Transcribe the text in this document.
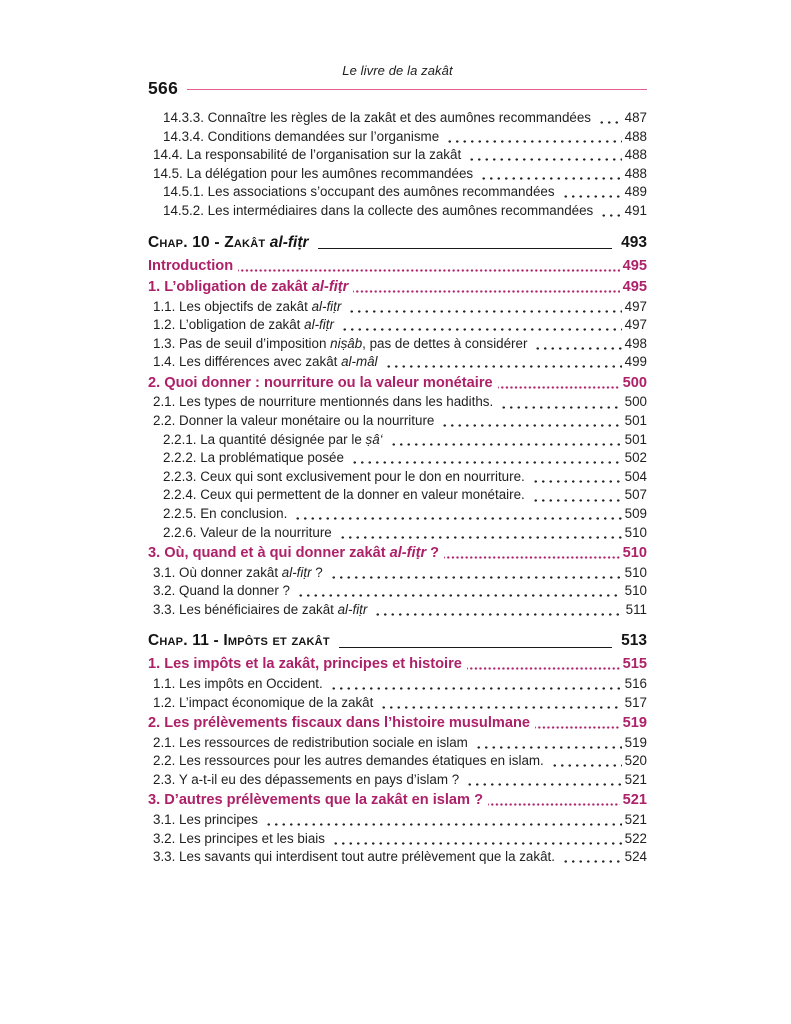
Le livre de la zakât
566
14.3.3. Connaître les règles de la zakât et des aumônes recommandées	487
14.3.4. Conditions demandées sur l’organisme	488
14.4. La responsabilité de l’organisation sur la zakât	488
14.5. La délégation pour les aumônes recommandées	488
14.5.1. Les associations s’occupant des aumônes recommandées	489
14.5.2. Les intermédiaires dans la collecte des aumônes recommandées 491
Chap. 10 - Zakât al-fiṭr	493
Introduction	495
1. L’obligation de zakât al-fiṭr	495
1.1. Les objectifs de zakât al-fiṭr	497
1.2. L’obligation de zakât al-fiṭr	497
1.3. Pas de seuil d’imposition niṣâb, pas de dettes à considérer	498
1.4. Les différences avec zakât al-mâl	499
2. Quoi donner : nourriture ou la valeur monétaire	500
2.1. Les types de nourriture mentionnés dans les hadiths.	500
2.2. Donner la valeur monétaire ou la nourriture	501
2.2.1. La quantité désignée par le ṣâ‘	501
2.2.2. La problématique posée	502
2.2.3. Ceux qui sont exclusivement pour le don en nourriture.	504
2.2.4. Ceux qui permettent de la donner en valeur monétaire.	507
2.2.5. En conclusion.	509
2.2.6. Valeur de la nourriture	510
3. Où, quand et à qui donner zakât al-fiṭr ?	510
3.1. Où donner zakât al-fiṭr ?	510
3.2. Quand la donner ?	510
3.3. Les bénéficiaires de zakât al-fiṭr	511
Chap. 11 - Impôts et zakât	513
1. Les impôts et la zakât, principes et histoire	515
1.1. Les impôts en Occident.	516
1.2. L’impact économique de la zakât	517
2. Les prélèvements fiscaux dans l’histoire musulmane	519
2.1. Les ressources de redistribution sociale en islam	519
2.2. Les ressources pour les autres demandes étatiques en islam.	520
2.3. Y a-t-il eu des dépassements en pays d’islam ?	521
3. D’autres prélèvements que la zakât en islam ?	521
3.1. Les principes	521
3.2. Les principes et les biais	522
3.3. Les savants qui interdisent tout autre prélèvement que la zakât.	524
